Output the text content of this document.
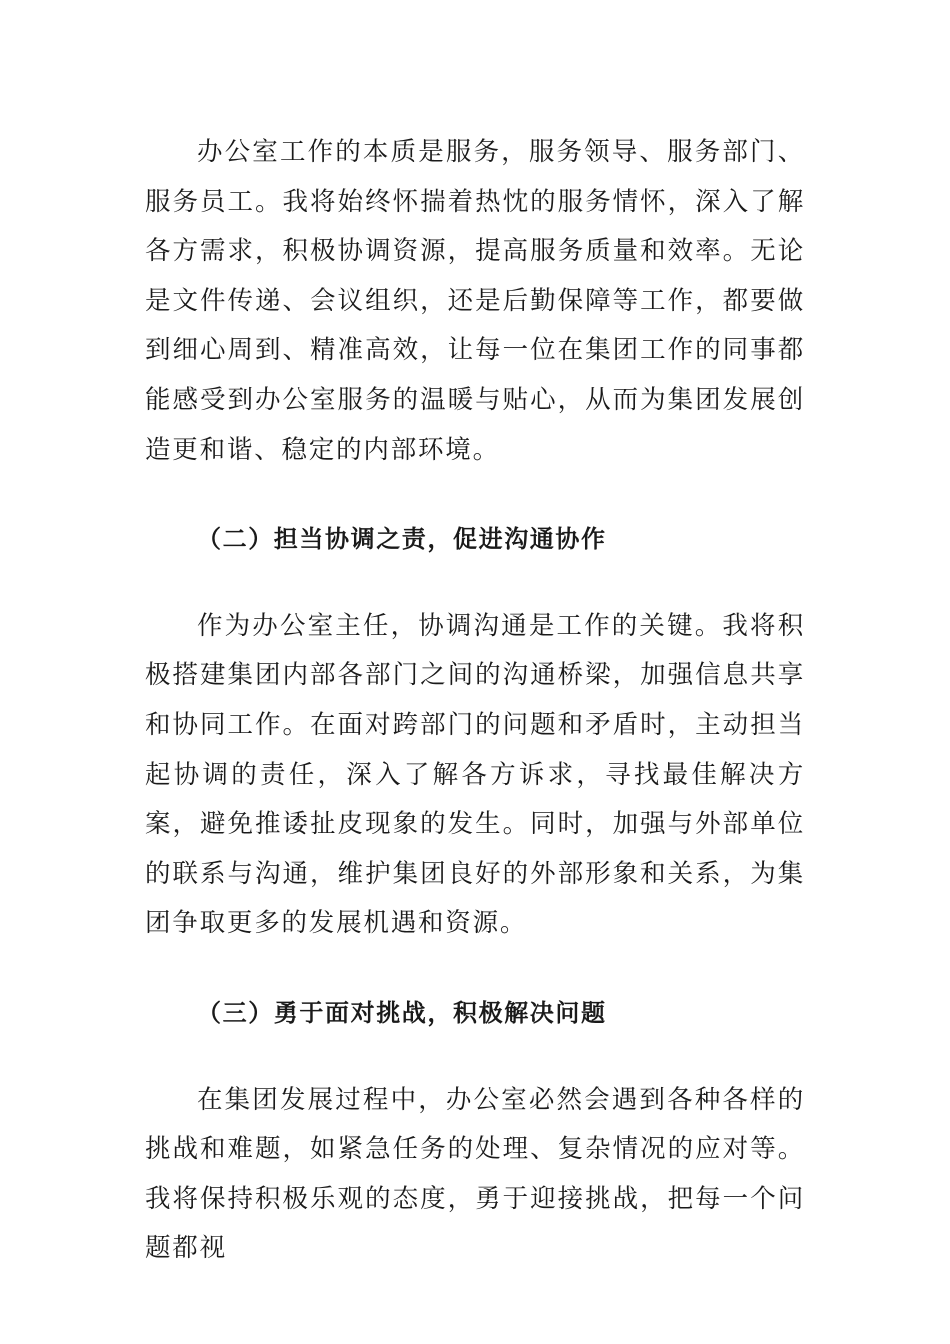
办公室工作的本质是服务，服务领导、服务部门、服务员工。我将始终怀揣着热忱的服务情怀，深入了解各方需求，积极协调资源，提高服务质量和效率。无论是文件传递、会议组织，还是后勤保障等工作，都要做到细心周到、精准高效，让每一位在集团工作的同事都能感受到办公室服务的温暖与贴心，从而为集团发展创造更和谐、稳定的内部环境。

（二）担当协调之责，促进沟通协作

作为办公室主任，协调沟通是工作的关键。我将积极搭建集团内部各部门之间的沟通桥梁，加强信息共享和协同工作。在面对跨部门的问题和矛盾时，主动担当起协调的责任，深入了解各方诉求，寻找最佳解决方案，避免推诿扯皮现象的发生。同时，加强与外部单位的联系与沟通，维护集团良好的外部形象和关系，为集团争取更多的发展机遇和资源。

（三）勇于面对挑战，积极解决问题

在集团发展过程中，办公室必然会遇到各种各样的挑战和难题，如紧急任务的处理、复杂情况的应对等。我将保持积极乐观的态度，勇于迎接挑战，把每一个问题都视
